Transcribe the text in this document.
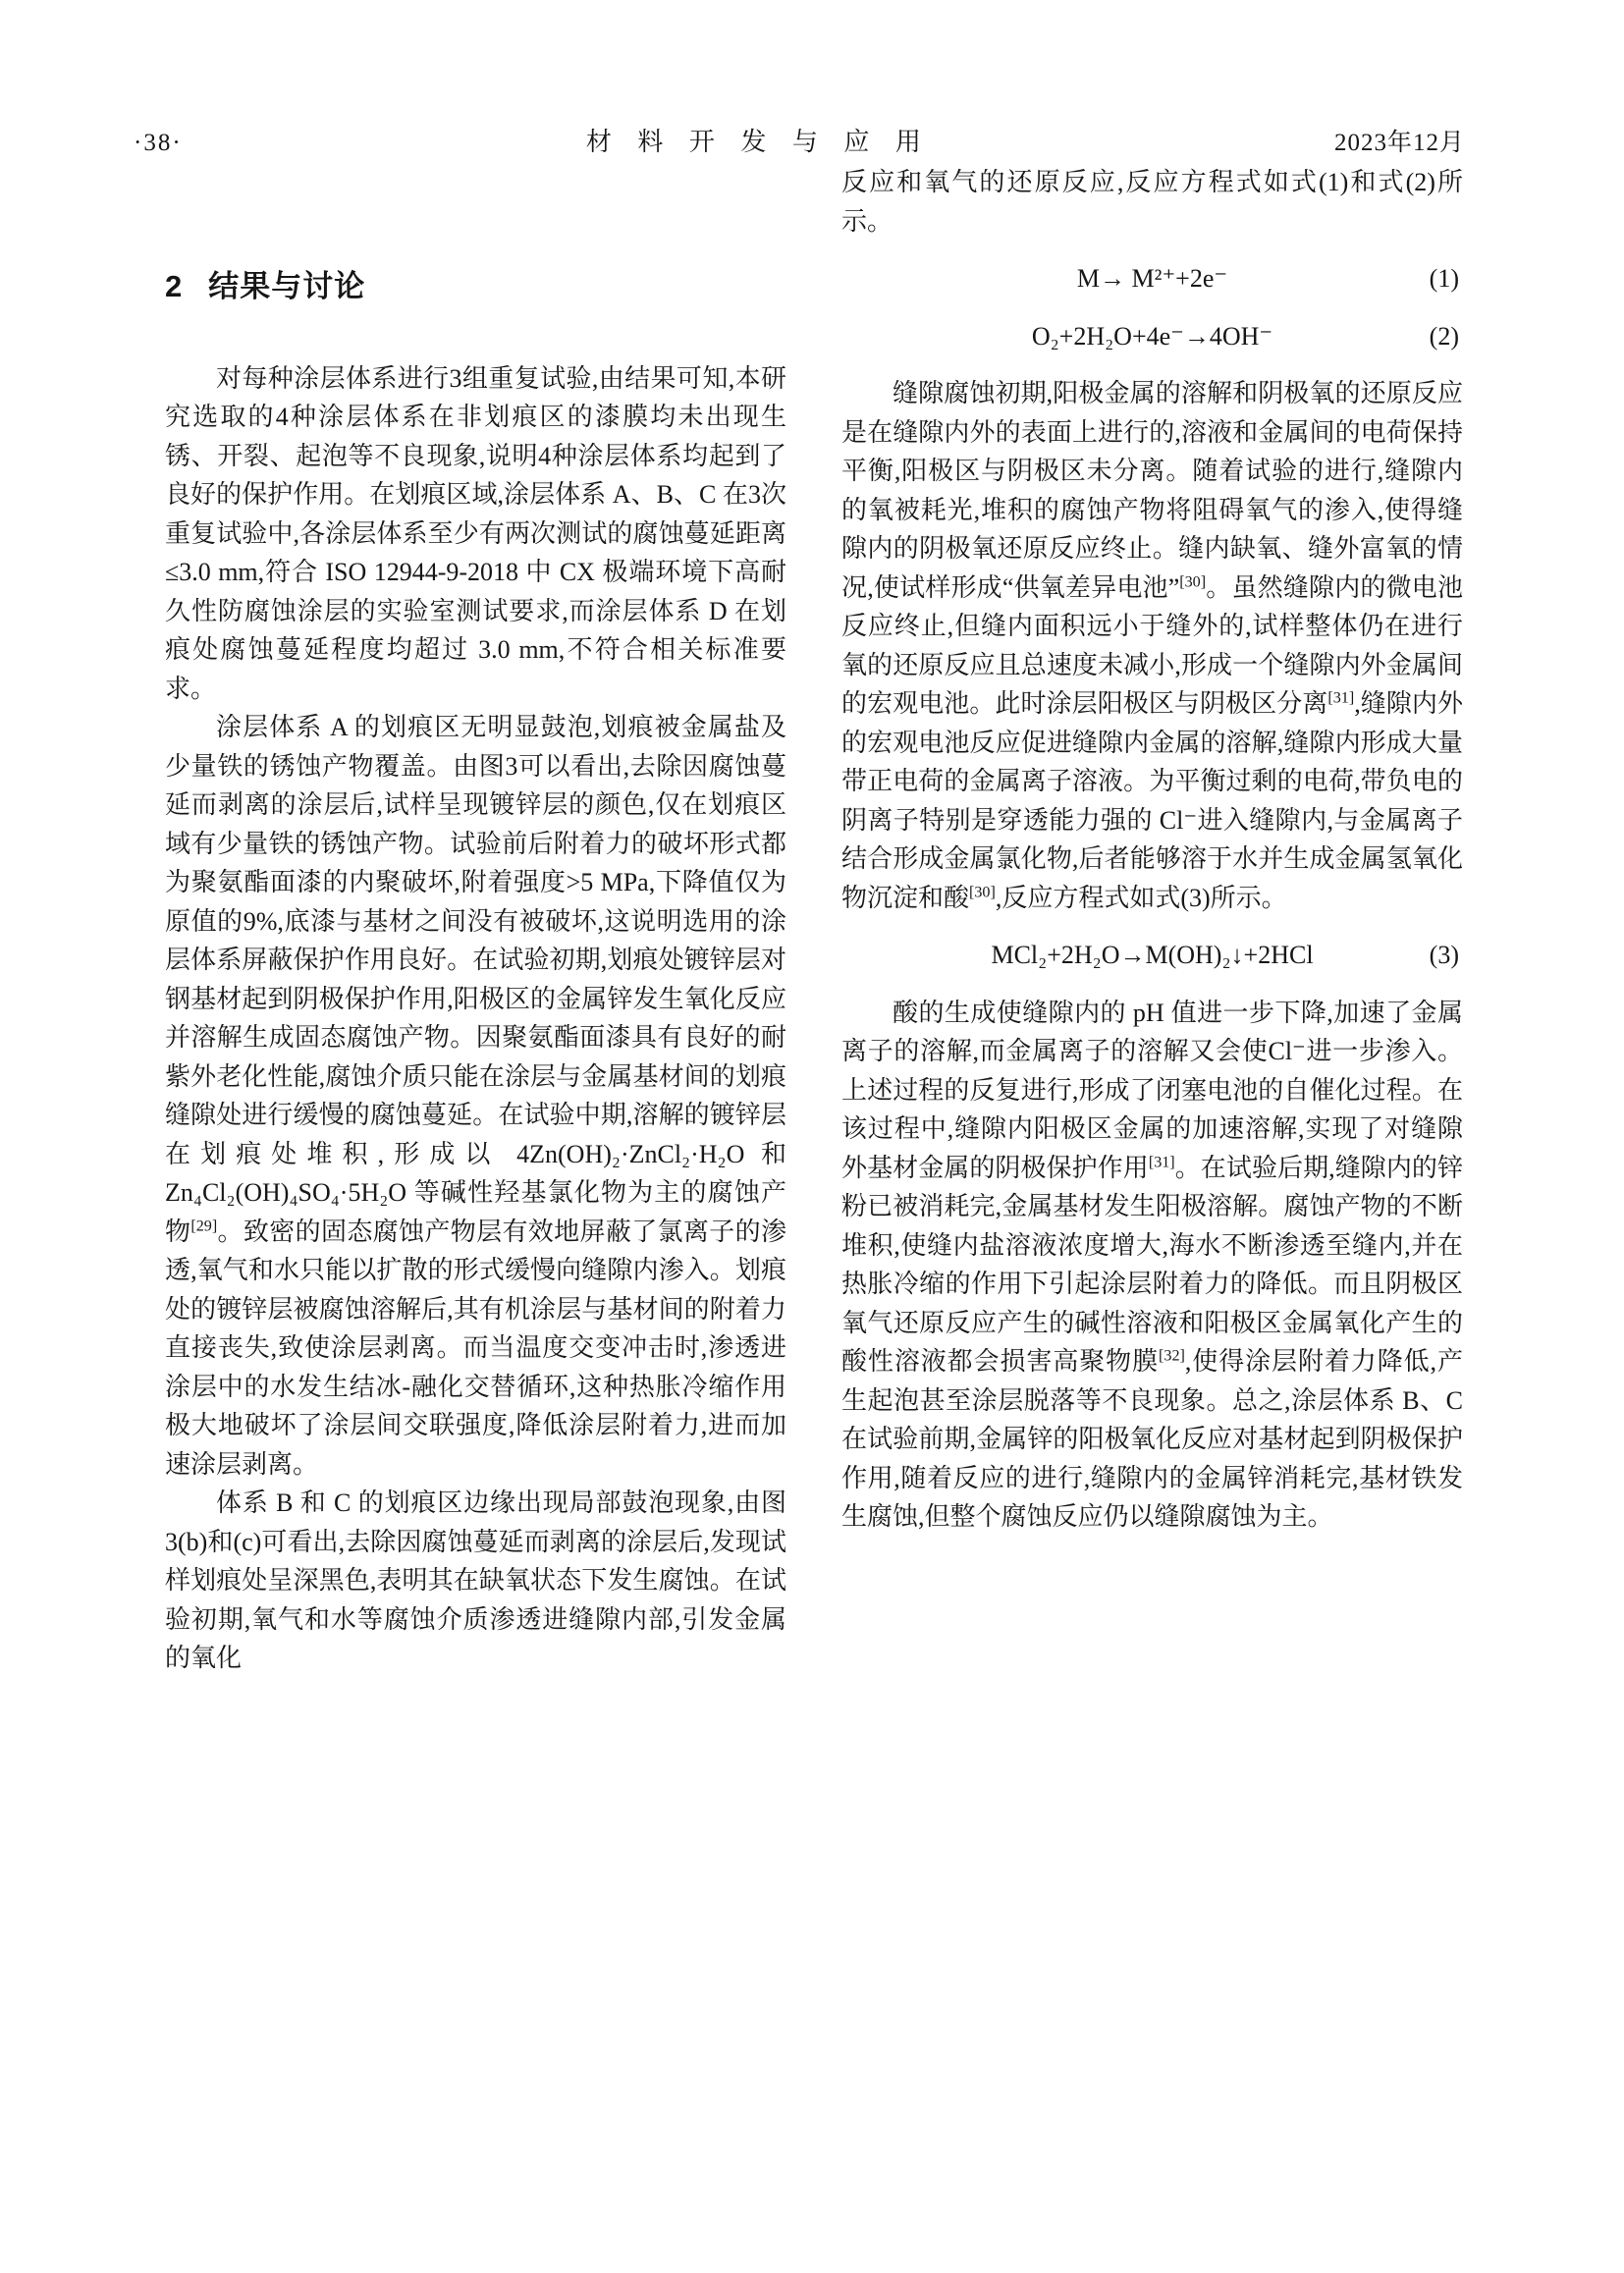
·38·	材 料 开 发 与 应 用	2023年12月
2 结果与讨论

对每种涂层体系进行3组重复试验,由结果可知,本研究选取的4种涂层体系在非划痕区的漆膜均未出现生锈、开裂、起泡等不良现象,说明4种涂层体系均起到了良好的保护作用。在划痕区域,涂层体系 A、B、C 在3次重复试验中,各涂层体系至少有两次测试的腐蚀蔓延距离 ≤3.0 mm,符合 ISO 12944-9-2018 中 CX 极端环境下高耐久性防腐蚀涂层的实验室测试要求,而涂层体系 D 在划痕处腐蚀蔓延程度均超过 3.0 mm,不符合相关标准要求。

涂层体系 A 的划痕区无明显鼓泡,划痕被金属盐及少量铁的锈蚀产物覆盖。由图3可以看出,去除因腐蚀蔓延而剥离的涂层后,试样呈现镀锌层的颜色,仅在划痕区域有少量铁的锈蚀产物。试验前后附着力的破坏形式都为聚氨酯面漆的内聚破坏,附着强度>5 MPa,下降值仅为原值的9%,底漆与基材之间没有被破坏,这说明选用的涂层体系屏蔽保护作用良好。在试验初期,划痕处镀锌层对钢基材起到阴极保护作用,阳极区的金属锌发生氧化反应并溶解生成固态腐蚀产物。因聚氨酯面漆具有良好的耐紫外老化性能,腐蚀介质只能在涂层与金属基材间的划痕缝隙处进行缓慢的腐蚀蔓延。在试验中期,溶解的镀锌层在划痕处堆积,形成以 4Zn(OH)₂·ZnCl₂·H₂O 和 Zn₄Cl₂(OH)₄SO₄·5H₂O 等碱性羟基氯化物为主的腐蚀产物[29]。致密的固态腐蚀产物层有效地屏蔽了氯离子的渗透,氧气和水只能以扩散的形式缓慢向缝隙内渗入。划痕处的镀锌层被腐蚀溶解后,其有机涂层与基材间的附着力直接丧失,致使涂层剥离。而当温度交变冲击时,渗透进涂层中的水发生结冰-融化交替循环,这种热胀冷缩作用极大地破坏了涂层间交联强度,降低涂层附着力,进而加速涂层剥离。

体系 B 和 C 的划痕区边缘出现局部鼓泡现象,由图3(b)和(c)可看出,去除因腐蚀蔓延而剥离的涂层后,发现试样划痕处呈深黑色,表明其在缺氧状态下发生腐蚀。在试验初期,氧气和水等腐蚀介质渗透进缝隙内部,引发金属的氧化

反应和氧气的还原反应,反应方程式如式(1)和式(2)所示。

M→ M²⁺+2e⁻	(1)
O₂+2H₂O+4e⁻→4OH⁻	(2)

缝隙腐蚀初期,阳极金属的溶解和阴极氧的还原反应是在缝隙内外的表面上进行的,溶液和金属间的电荷保持平衡,阳极区与阴极区未分离。随着试验的进行,缝隙内的氧被耗光,堆积的腐蚀产物将阻碍氧气的渗入,使得缝隙内的阴极氧还原反应终止。缝内缺氧、缝外富氧的情况,使试样形成“供氧差异电池”[30]。虽然缝隙内的微电池反应终止,但缝内面积远小于缝外的,试样整体仍在进行氧的还原反应且总速度未减小,形成一个缝隙内外金属间的宏观电池。此时涂层阳极区与阴极区分离[31],缝隙内外的宏观电池反应促进缝隙内金属的溶解,缝隙内形成大量带正电荷的金属离子溶液。为平衡过剩的电荷,带负电的阴离子特别是穿透能力强的 Cl⁻进入缝隙内,与金属离子结合形成金属氯化物,后者能够溶于水并生成金属氢氧化物沉淀和酸[30],反应方程式如式(3)所示。

MCl₂+2H₂O→M(OH)₂↓+2HCl	(3)

酸的生成使缝隙内的 pH 值进一步下降,加速了金属离子的溶解,而金属离子的溶解又会使Cl⁻进一步渗入。上述过程的反复进行,形成了闭塞电池的自催化过程。在该过程中,缝隙内阳极区金属的加速溶解,实现了对缝隙外基材金属的阴极保护作用[31]。在试验后期,缝隙内的锌粉已被消耗完,金属基材发生阳极溶解。腐蚀产物的不断堆积,使缝内盐溶液浓度增大,海水不断渗透至缝内,并在热胀冷缩的作用下引起涂层附着力的降低。而且阴极区氧气还原反应产生的碱性溶液和阳极区金属氧化产生的酸性溶液都会损害高聚物膜[32],使得涂层附着力降低,产生起泡甚至涂层脱落等不良现象。总之,涂层体系 B、C 在试验前期,金属锌的阳极氧化反应对基材起到阴极保护作用,随着反应的进行,缝隙内的金属锌消耗完,基材铁发生腐蚀,但整个腐蚀反应仍以缝隙腐蚀为主。
